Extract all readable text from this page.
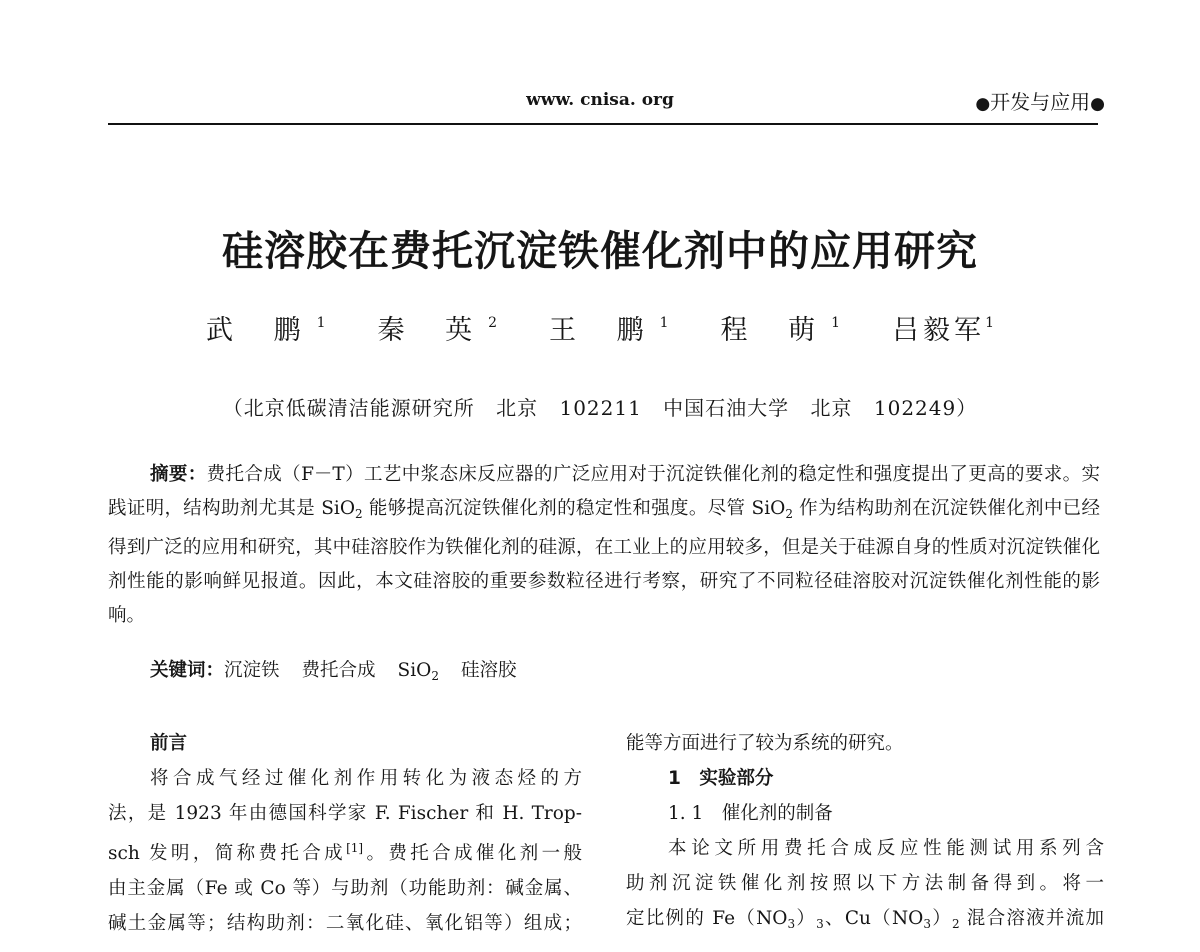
www. cnisa. org	●开发与应用●
硅溶胶在费托沉淀铁催化剂中的应用研究
武 鹏$^1$ 秦 英$^2$ 王 鹏$^1$ 程 萌$^1$ 吕毅军$^1$
（北京低碳清洁能源研究所 北京 102211 中国石油大学 北京 102249）
摘要：费托合成（F－T）工艺中浆态床反应器的广泛应用对于沉淀铁催化剂的稳定性和强度提出了更高的要求。实践证明，结构助剂尤其是 SiO$_2$ 能够提高沉淀铁催化剂的稳定性和强度。尽管 SiO$_2$ 作为结构助剂在沉淀铁催化剂中已经得到广泛的应用和研究，其中硅溶胶作为铁催化剂的硅源，在工业上的应用较多，但是关于硅源自身的性质对沉淀铁催化剂性能的影响鲜见报道。因此，本文硅溶胶的重要参数粒径进行考察，研究了不同粒径硅溶胶对沉淀铁催化剂性能的影响。
关键词：沉淀铁 费托合成 SiO$_2$ 硅溶胶
前言
将合成气经过催化剂作用转化为液态烃的方
法，是 1923 年由德国科学家 F. Fischer 和 H. Trop-
sch 发明，简称费托合成[1]。费托合成催化剂一般
由主金属（Fe 或 Co 等）与助剂（功能助剂：碱金属、
碱土金属等；结构助剂：二氧化硅、氧化铝等）组成；
能等方面进行了较为系统的研究。
1　实验部分
1. 1　催化剂的制备
本论文所用费托合成反应性能测试用系列含
助剂沉淀铁催化剂按照以下方法制备得到。将一
定比例的 $Fe(NO_3)_3$、$Cu(NO_3)_2$ 混合溶液并流加
